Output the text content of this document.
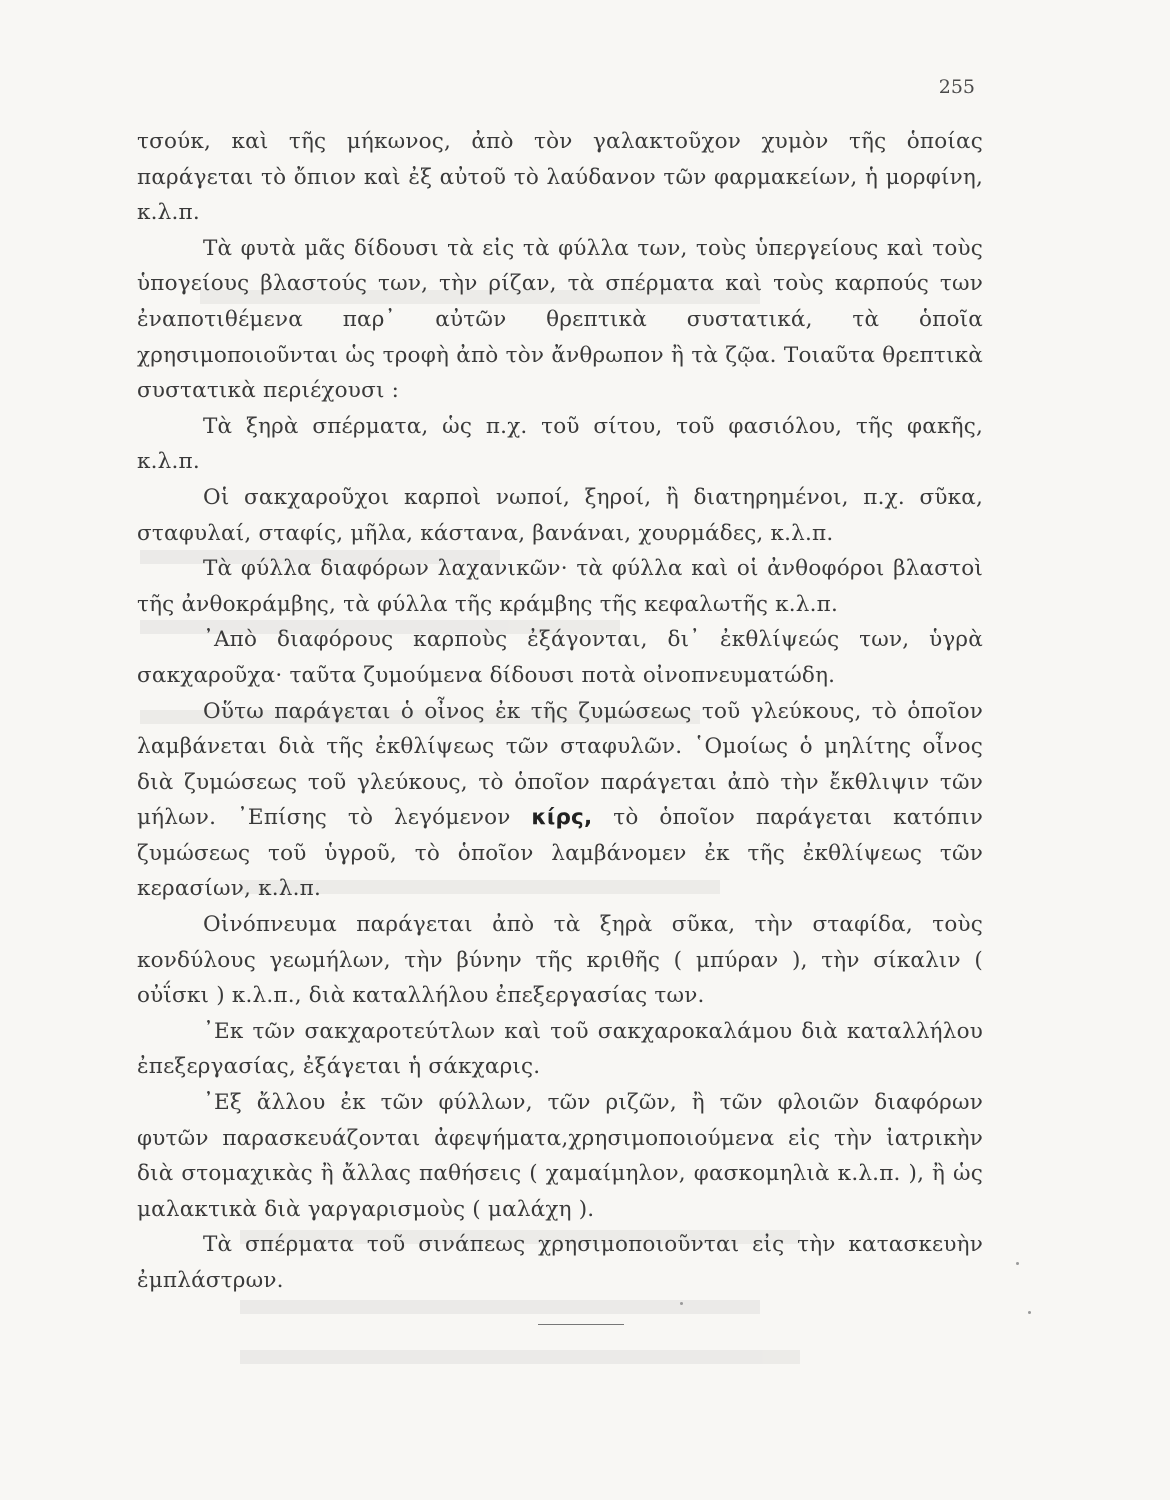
255

τσούκ, καὶ τῆς μήκωνος, ἀπὸ τὸν γαλακτοῦχον χυμὸν τῆς ὁποίας παράγεται τὸ ὄπιον καὶ ἐξ αὐτοῦ τὸ λαύδανον τῶν φαρμακείων, ἡ μορφίνη, κ.λ.π.

Τὰ φυτὰ μᾶς δίδουσι τὰ εἰς τὰ φύλλα των, τοὺς ὑπεργείους καὶ τοὺς ὑπογείους βλαστούς των, τὴν ρίζαν, τὰ σπέρματα καὶ τοὺς καρπούς των ἐναποτιθέμενα παρ᾽ αὐτῶν θρεπτικὰ συστατικά, τὰ ὁποῖα χρησιμοποιοῦνται ὡς τροφὴ ἀπὸ τὸν ἄνθρωπον ἢ τὰ ζῷα. Τοιαῦτα θρεπτικὰ συστατικὰ περιέχουσι :

Τὰ ξηρὰ σπέρματα, ὡς π.χ. τοῦ σίτου, τοῦ φασιόλου, τῆς φακῆς, κ.λ.π.

Οἱ σακχαροῦχοι καρποὶ νωποί, ξηροί, ἢ διατηρημένοι, π.χ. σῦκα, σταφυλαί, σταφίς, μῆλα, κάστανα, βανάναι, χουρμάδες, κ.λ.π.

Τὰ φύλλα διαφόρων λαχανικῶν· τὰ φύλλα καὶ οἱ ἀνθοφόροι βλαστοὶ τῆς ἀνθοκράμβης, τὰ φύλλα τῆς κράμβης τῆς κεφαλωτῆς κ.λ.π.

᾽Απὸ διαφόρους καρποὺς ἐξάγονται, δι᾽ ἐκθλίψεώς των, ὑγρὰ σακχαροῦχα· ταῦτα ζυμούμενα δίδουσι ποτὰ οἰνοπνευματώδη.

Οὕτω παράγεται ὁ οἶνος ἐκ τῆς ζυμώσεως τοῦ γλεύκους, τὸ ὁποῖον λαμβάνεται διὰ τῆς ἐκθλίψεως τῶν σταφυλῶν. ῾Ομοίως ὁ μηλίτης οἶνος διὰ ζυμώσεως τοῦ γλεύκους, τὸ ὁποῖον παράγεται ἀπὸ τὴν ἔκθλιψιν τῶν μήλων. ᾽Επίσης τὸ λεγόμενον κίρς, τὸ ὁποῖον παράγεται κατόπιν ζυμώσεως τοῦ ὑγροῦ, τὸ ὁποῖον λαμβάνομεν ἐκ τῆς ἐκθλίψεως τῶν κερασίων, κ.λ.π.

Οἰνόπνευμα παράγεται ἀπὸ τὰ ξηρὰ σῦκα, τὴν σταφίδα, τοὺς κονδύλους γεωμήλων, τὴν βύνην τῆς κριθῆς ( μπύραν ), τὴν σίκαλιν ( οὐΐσκι ) κ.λ.π., διὰ καταλλήλου ἐπεξεργασίας των.

᾽Εκ τῶν σακχαροτεύτλων καὶ τοῦ σακχαροκαλάμου διὰ καταλλήλου ἐπεξεργασίας, ἐξάγεται ἡ σάκχαρις.

᾽Εξ ἄλλου ἐκ τῶν φύλλων, τῶν ριζῶν, ἢ τῶν φλοιῶν διαφόρων φυτῶν παρασκευάζονται ἀφεψήματα,χρησιμοποιούμενα εἰς τὴν ἰατρικὴν διὰ στομαχικὰς ἢ ἄλλας παθήσεις ( χαμαίμηλον, φασκομηλιὰ κ.λ.π. ), ἢ ὡς μαλακτικὰ διὰ γαργαρισμοὺς ( μαλάχη ).

Τὰ σπέρματα τοῦ σινάπεως χρησιμοποιοῦνται εἰς τὴν κατασκευὴν ἐμπλάστρων.
